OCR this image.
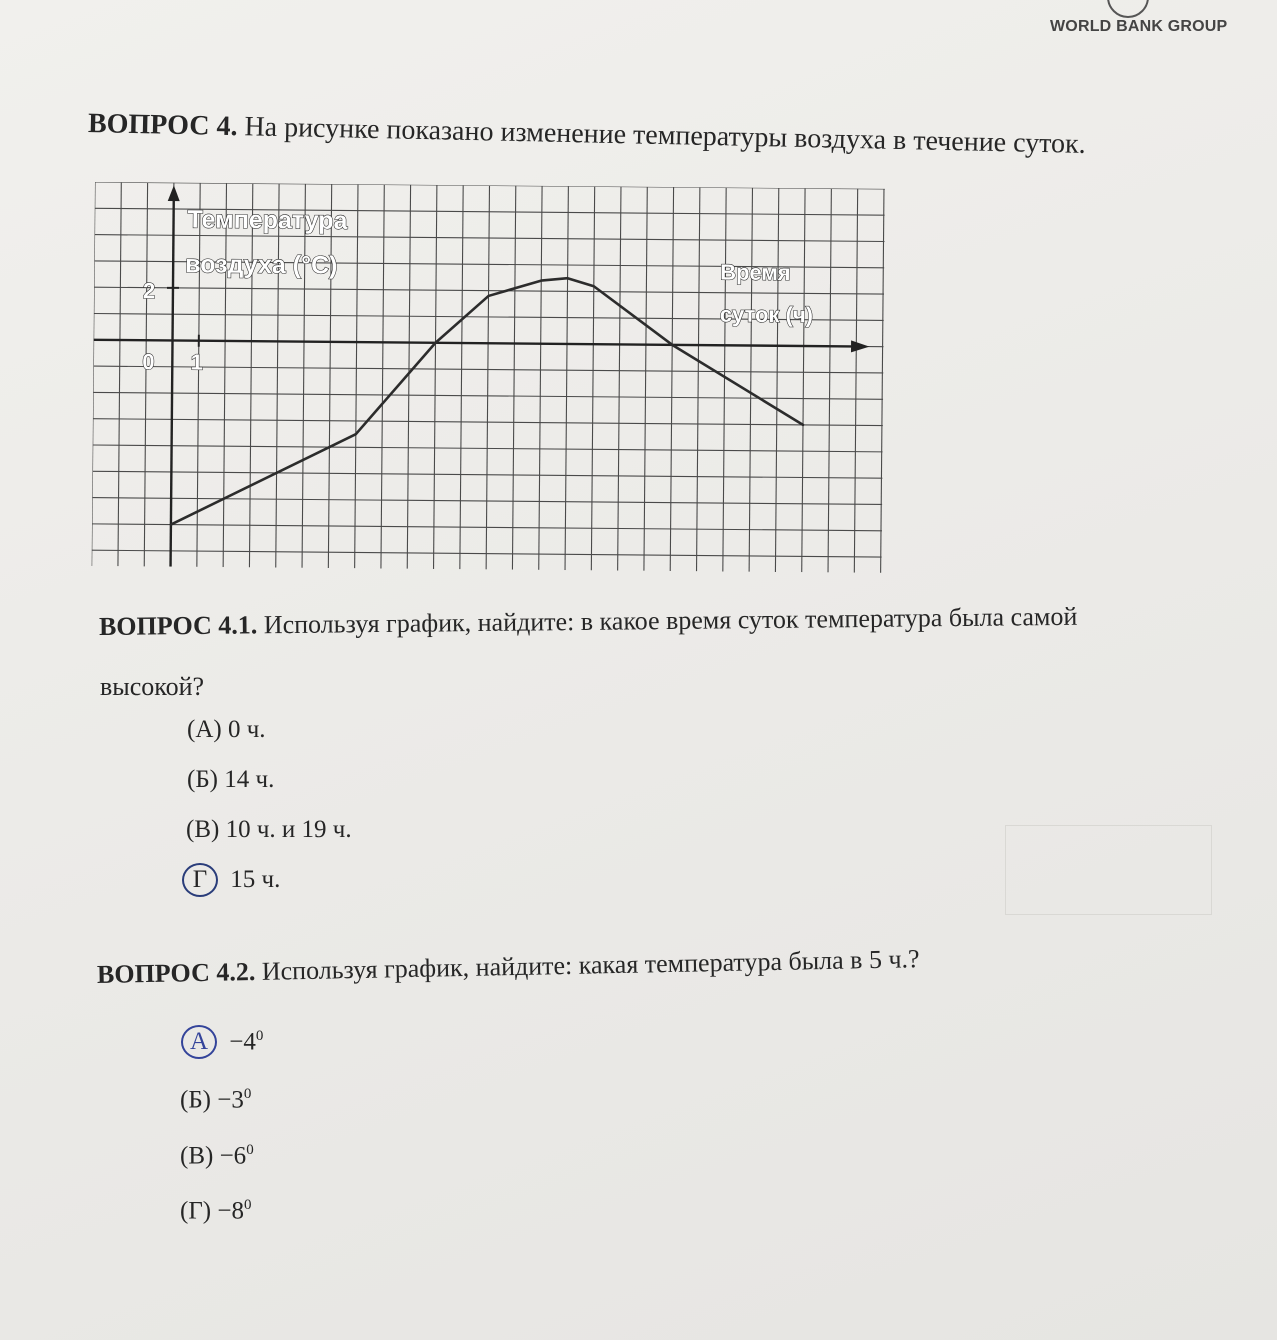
WORLD BANK GROUP
ВОПРОС 4. На рисунке показано изменение температуры воздуха в течение суток.
Температура
воздуха (°С)	Время
суток (ч)
2
0 1
ВОПРОС 4.1. Используя график, найдите: в какое время суток температура была самой
высокой?
(А) 0 ч.
(Б) 14 ч.
(В) 10 ч. и 19 ч.
Г 15 ч.
ВОПРОС 4.2. Используя график, найдите: какая температура была в 5 ч.?
$А -4^0$
$(Б) -3^0$
$(В) -6^0$
$(Г) -8^0$
